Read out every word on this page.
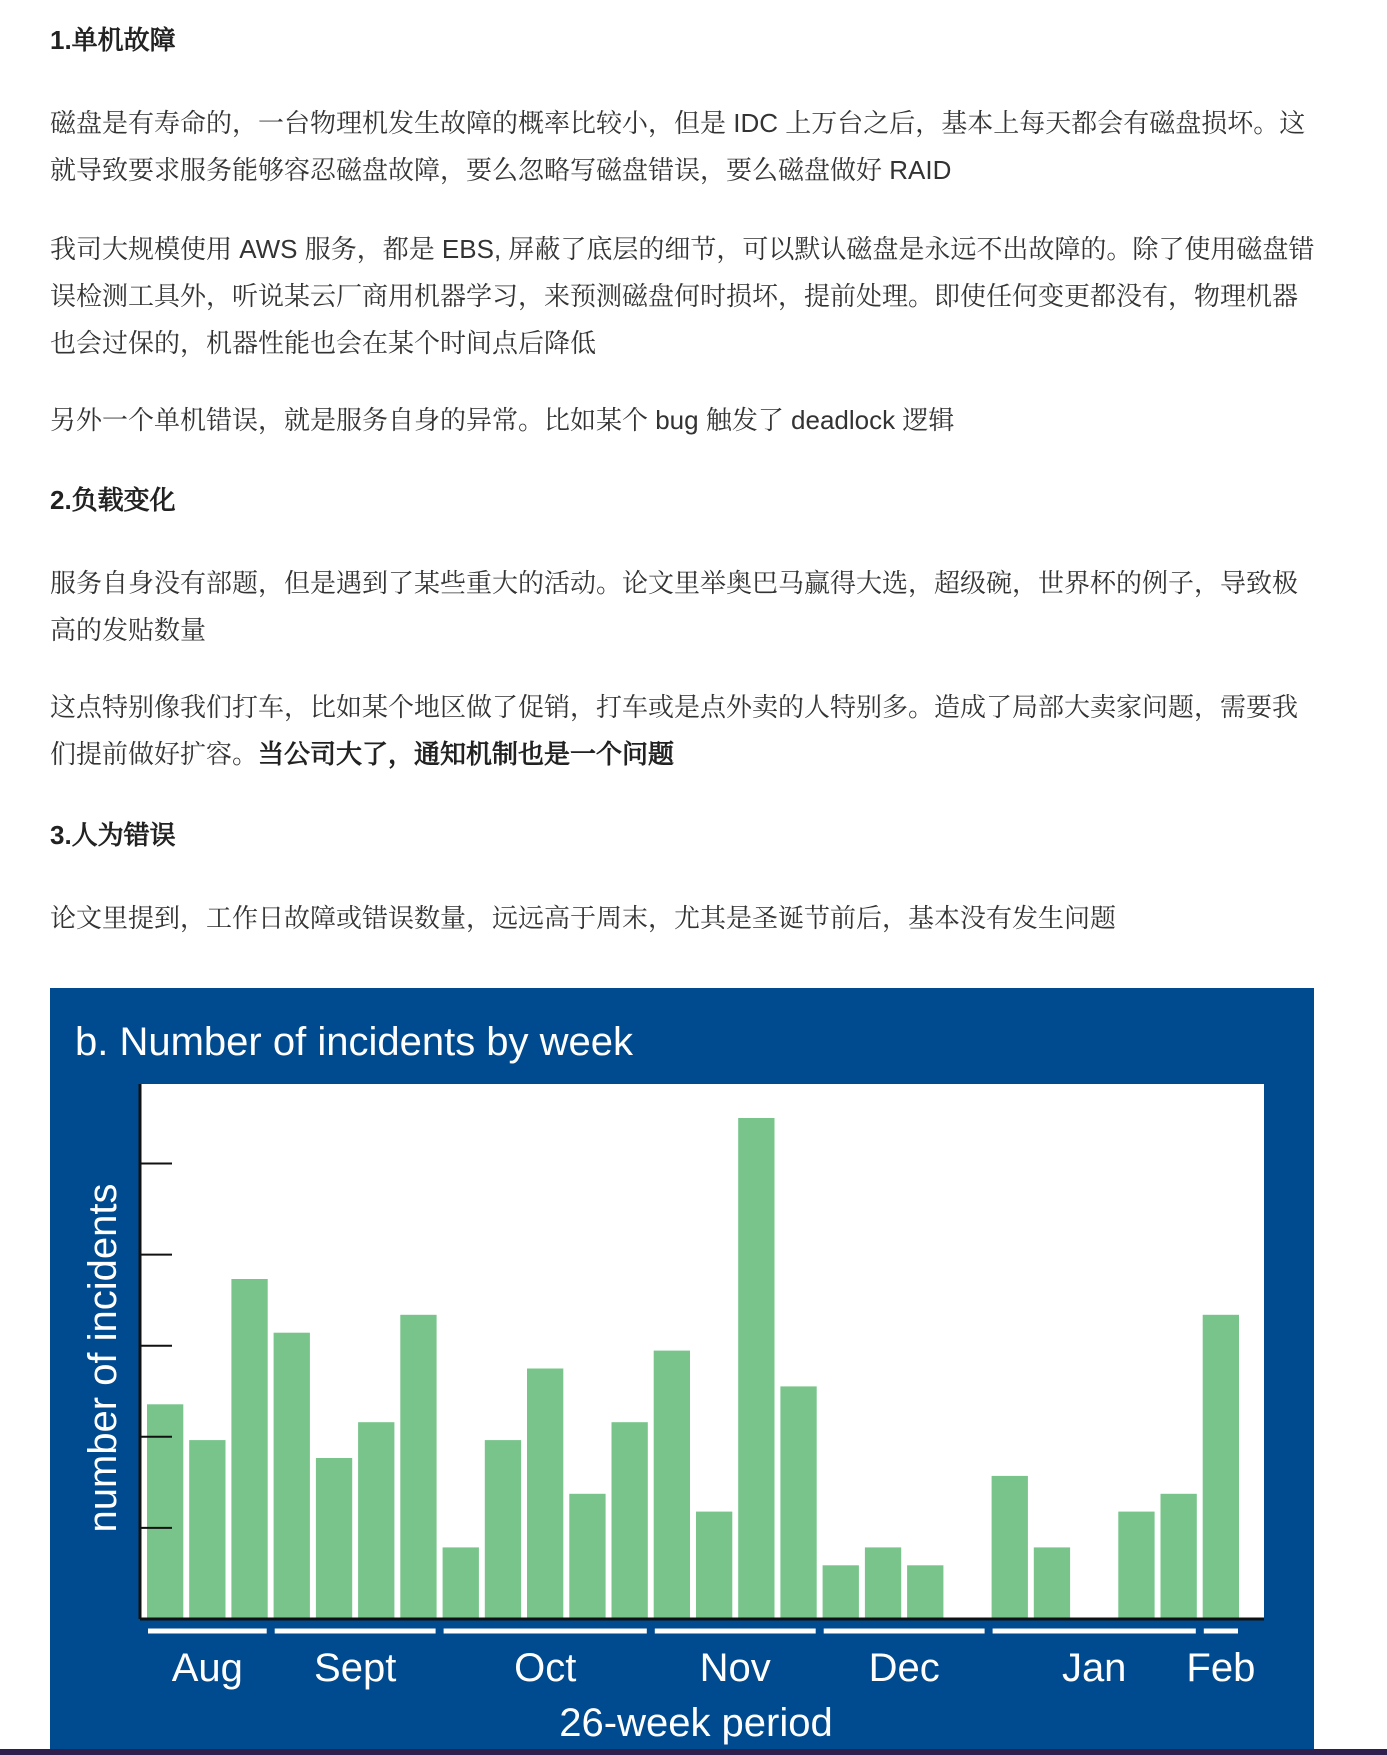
1.单机故障

磁盘是有寿命的，一台物理机发生故障的概率比较小，但是 IDC 上万台之后，基本上每天都会有磁盘损坏。这就导致要求服务能够容忍磁盘故障，要么忽略写磁盘错误，要么磁盘做好 RAID

我司大规模使用 AWS 服务，都是 EBS, 屏蔽了底层的细节，可以默认磁盘是永远不出故障的。除了使用磁盘错误检测工具外，听说某云厂商用机器学习，来预测磁盘何时损坏，提前处理。即使任何变更都没有，物理机器也会过保的，机器性能也会在某个时间点后降低

另外一个单机错误，就是服务自身的异常。比如某个 bug 触发了 deadlock 逻辑

2.负载变化

服务自身没有部题，但是遇到了某些重大的活动。论文里举奥巴马赢得大选，超级碗，世界杯的例子，导致极高的发贴数量

这点特别像我们打车，比如某个地区做了促销，打车或是点外卖的人特别多。造成了局部大卖家问题，需要我们提前做好扩容。当公司大了，通知机制也是一个问题

3.人为错误

论文里提到，工作日故障或错误数量，远远高于周末，尤其是圣诞节前后，基本没有发生问题

b. Number of incidents by week
Aug Sept	Oct	Nov Dec	Jan Feb
26-week period
number of incidents
